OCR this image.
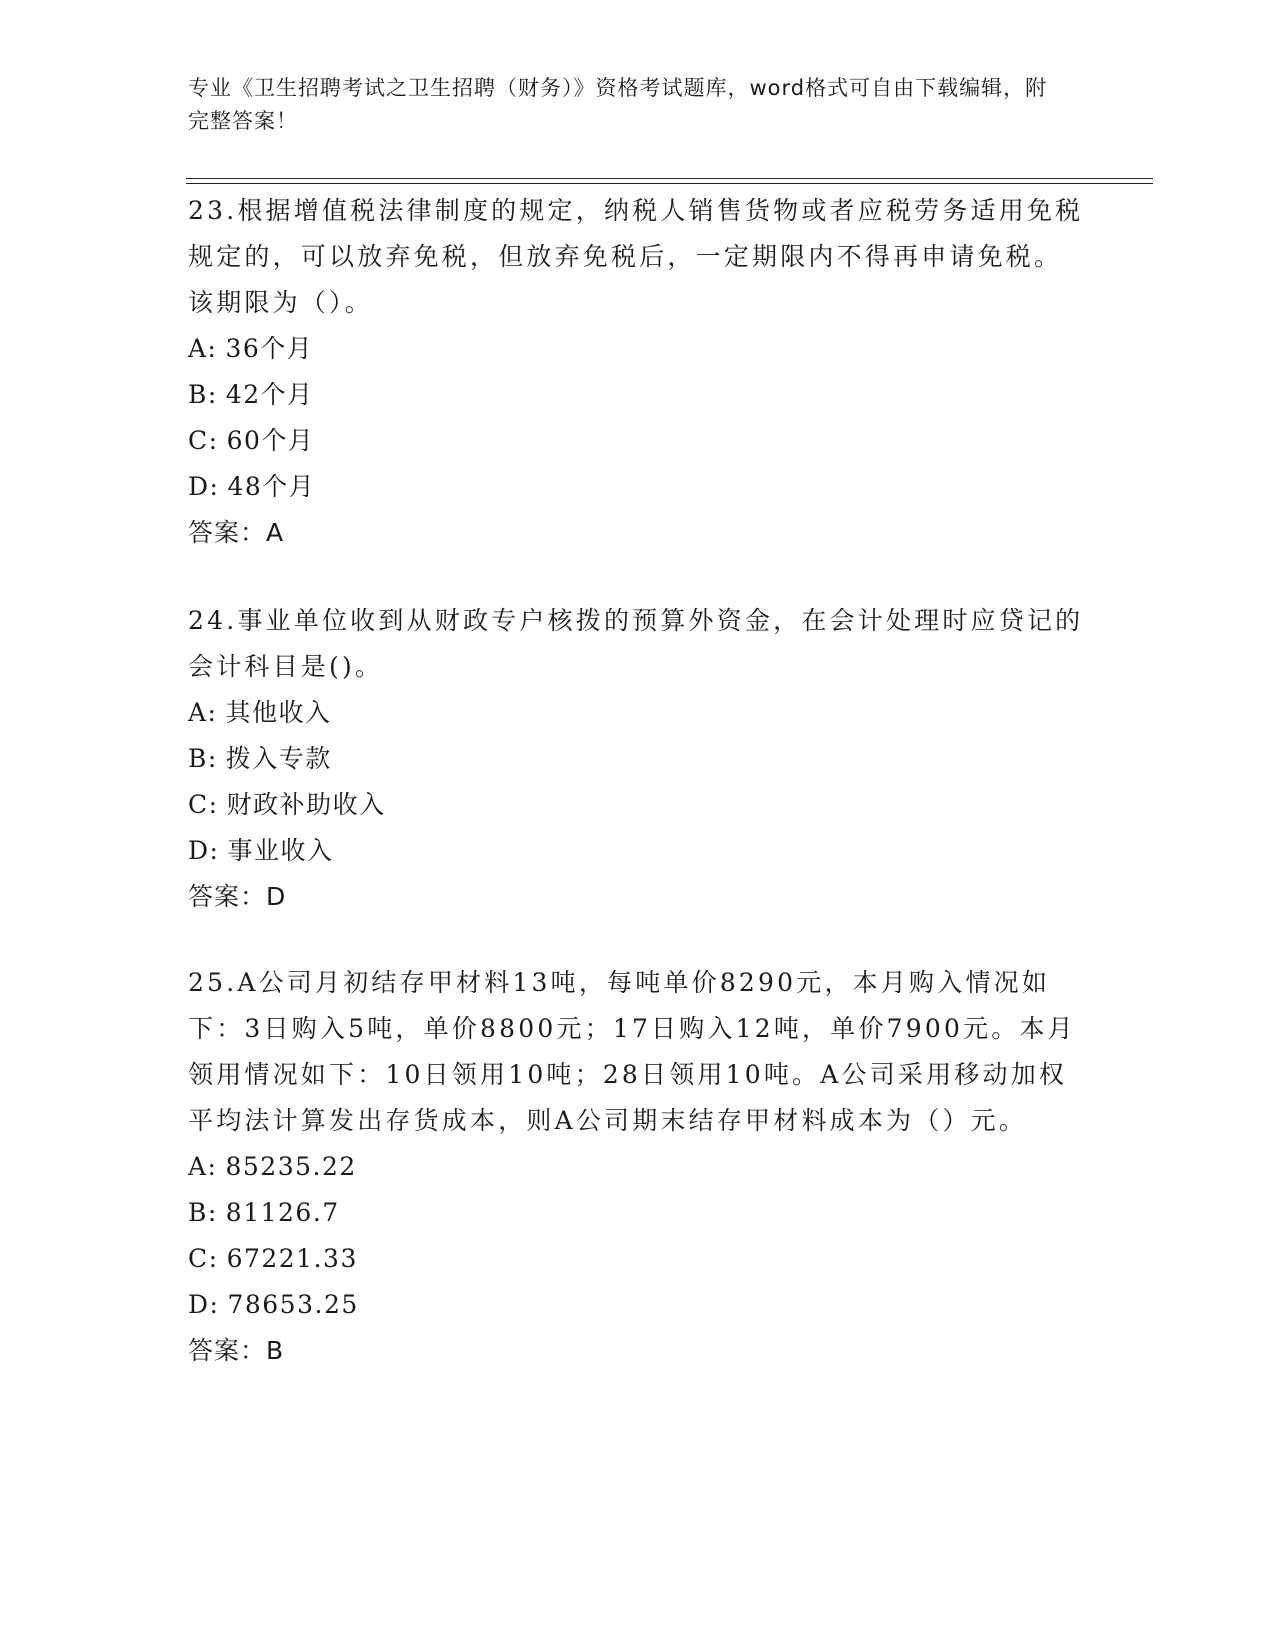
专业《卫生招聘考试之卫生招聘（财务）》资格考试题库，word格式可自由下载编辑，附完整答案！

23.根据增值税法律制度的规定，纳税人销售货物或者应税劳务适用免税规定的，可以放弃免税，但放弃免税后，一定期限内不得再申请免税。该期限为（）。

A: 36个月

B: 42个月

C: 60个月

D: 48个月

答案：A

24.事业单位收到从财政专户核拨的预算外资金，在会计处理时应贷记的会计科目是()。

A: 其他收入

B: 拨入专款

C: 财政补助收入

D: 事业收入

答案：D

25.A公司月初结存甲材料13吨，每吨单价8290元，本月购入情况如下：3日购入5吨，单价8800元；17日购入12吨，单价7900元。本月领用情况如下：10日领用10吨；28日领用10吨。A公司采用移动加权平均法计算发出存货成本，则A公司期末结存甲材料成本为（）元。

A: 85235.22

B: 81126.7

C: 67221.33

D: 78653.25

答案：B
